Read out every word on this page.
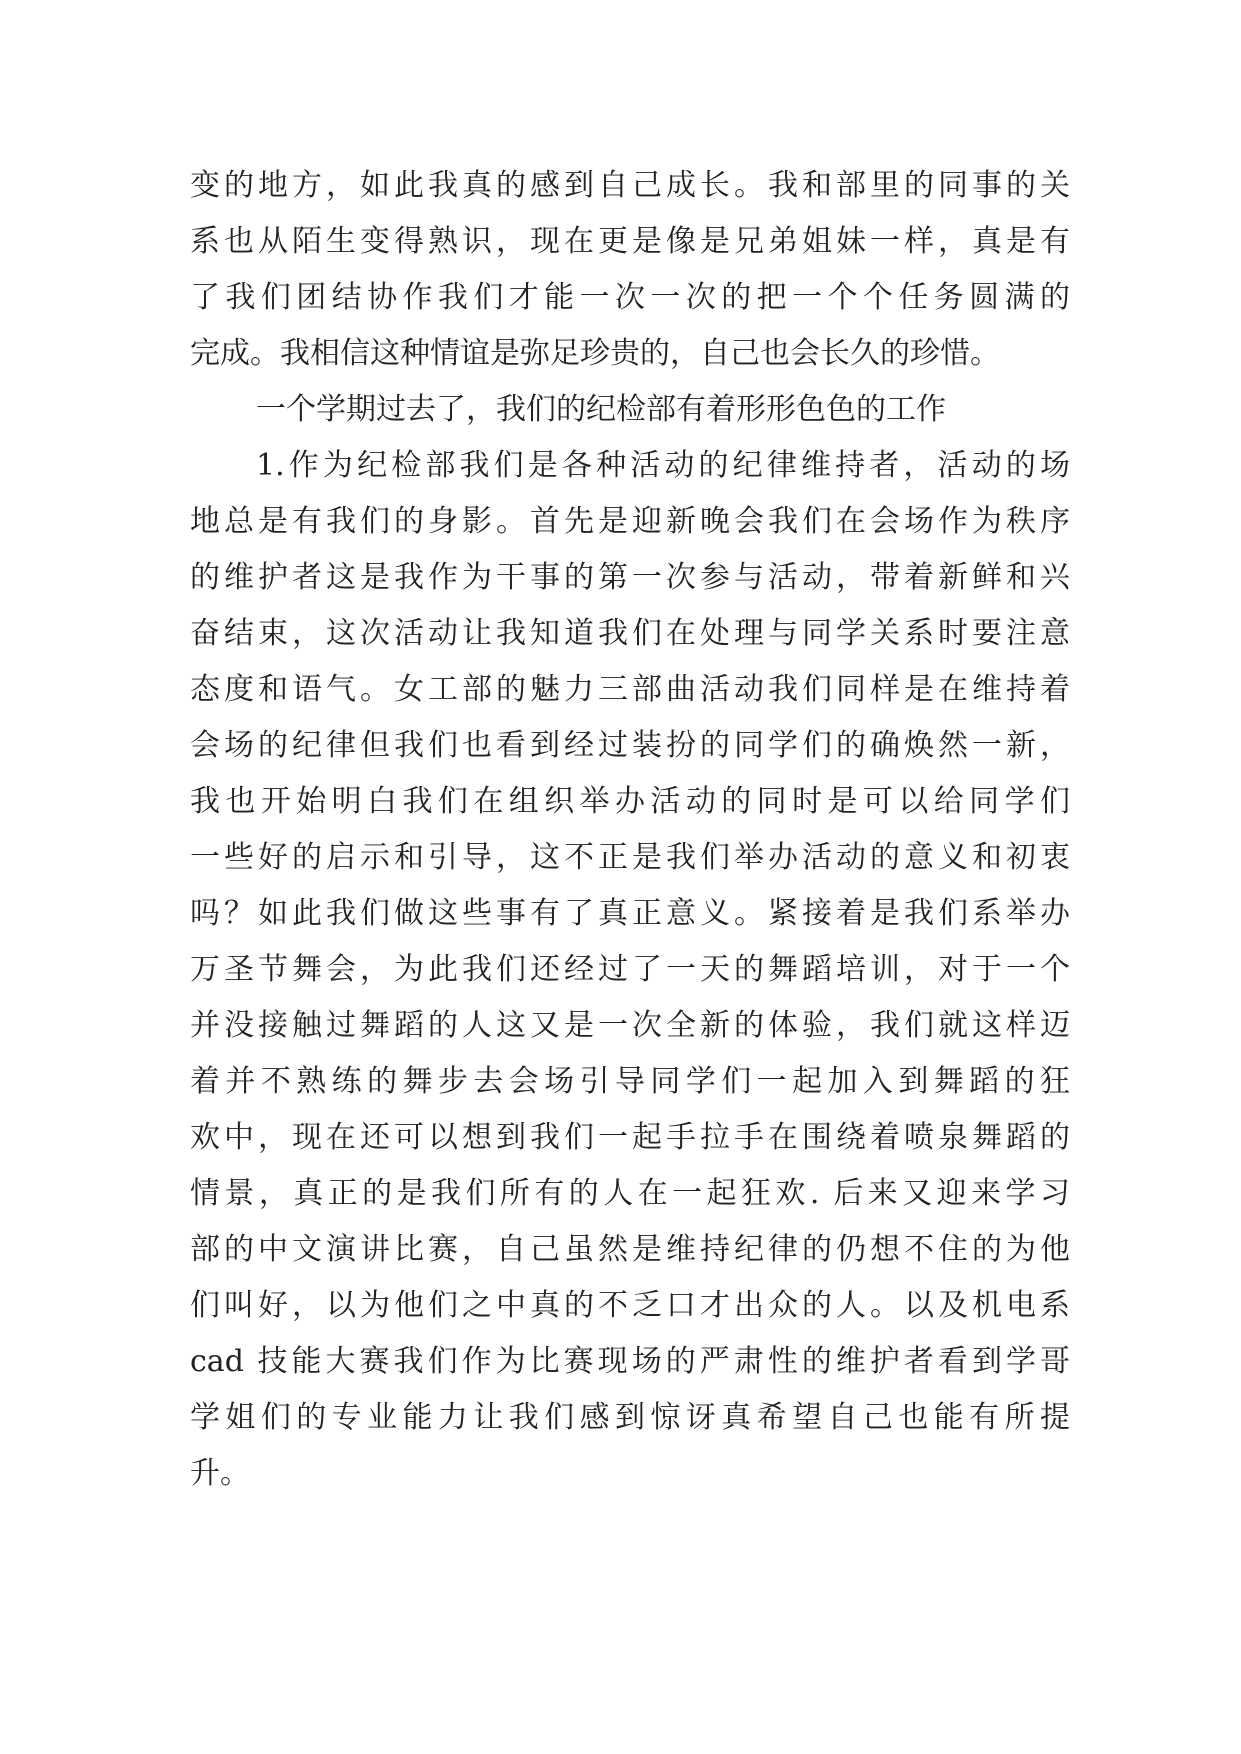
变的地方，如此我真的感到自己成长。我和部里的同事的关
系也从陌生变得熟识，现在更是像是兄弟姐妹一样，真是有
了我们团结协作我们才能一次一次的把一个个任务圆满的
完成。我相信这种情谊是弥足珍贵的，自己也会长久的珍惜。
一个学期过去了，我们的纪检部有着形形色色的工作
1.作为纪检部我们是各种活动的纪律维持者，活动的场
地总是有我们的身影。首先是迎新晚会我们在会场作为秩序
的维护者这是我作为干事的第一次参与活动，带着新鲜和兴
奋结束，这次活动让我知道我们在处理与同学关系时要注意
态度和语气。女工部的魅力三部曲活动我们同样是在维持着
会场的纪律但我们也看到经过装扮的同学们的确焕然一新，
我也开始明白我们在组织举办活动的同时是可以给同学们
一些好的启示和引导，这不正是我们举办活动的意义和初衷
吗？如此我们做这些事有了真正意义。紧接着是我们系举办
万圣节舞会，为此我们还经过了一天的舞蹈培训，对于一个
并没接触过舞蹈的人这又是一次全新的体验，我们就这样迈
着并不熟练的舞步去会场引导同学们一起加入到舞蹈的狂
欢中，现在还可以想到我们一起手拉手在围绕着喷泉舞蹈的
情景，真正的是我们所有的人在一起狂欢. 后来又迎来学习
部的中文演讲比赛，自己虽然是维持纪律的仍想不住的为他
们叫好，以为他们之中真的不乏口才出众的人。以及机电系
cad 技能大赛我们作为比赛现场的严肃性的维护者看到学哥
学姐们的专业能力让我们感到惊讶真希望自己也能有所提
升。
